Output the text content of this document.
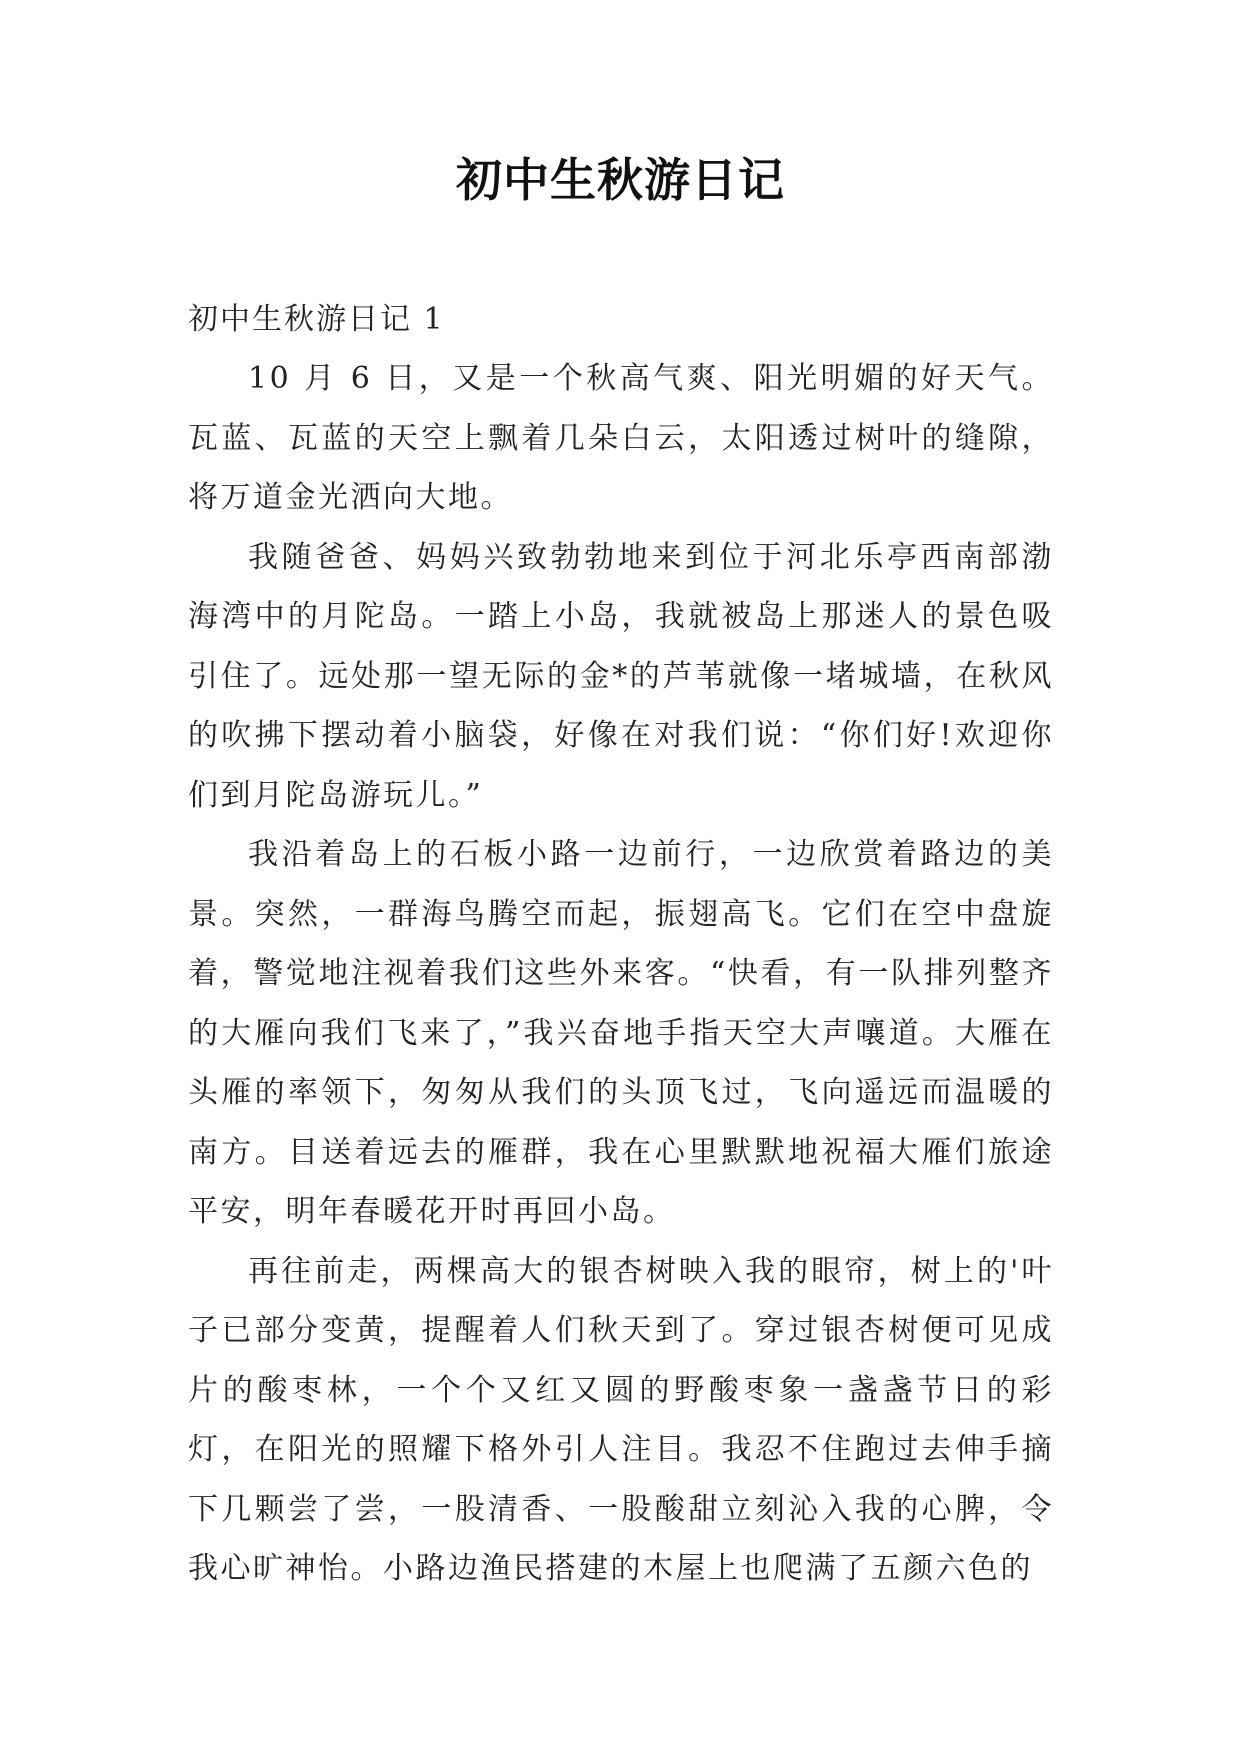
初中生秋游日记

初中生秋游日记 1

10 月 6 日，又是一个秋高气爽、阳光明媚的好天气。瓦蓝、瓦蓝的天空上飘着几朵白云，太阳透过树叶的缝隙，将万道金光洒向大地。

我随爸爸、妈妈兴致勃勃地来到位于河北乐亭西南部渤海湾中的月陀岛。一踏上小岛，我就被岛上那迷人的景色吸引住了。远处那一望无际的金*的芦苇就像一堵城墙，在秋风的吹拂下摆动着小脑袋，好像在对我们说：“你们好!欢迎你们到月陀岛游玩儿。”

我沿着岛上的石板小路一边前行，一边欣赏着路边的美景。突然，一群海鸟腾空而起，振翅高飞。它们在空中盘旋着，警觉地注视着我们这些外来客。“快看，有一队排列整齐的大雁向我们飞来了，”我兴奋地手指天空大声嚷道。大雁在头雁的率领下，匆匆从我们的头顶飞过，飞向遥远而温暖的南方。目送着远去的雁群，我在心里默默地祝福大雁们旅途平安，明年春暖花开时再回小岛。

再往前走，两棵高大的银杏树映入我的眼帘，树上的'叶子已部分变黄，提醒着人们秋天到了。穿过银杏树便可见成片的酸枣林，一个个又红又圆的野酸枣象一盏盏节日的彩灯，在阳光的照耀下格外引人注目。我忍不住跑过去伸手摘下几颗尝了尝，一股清香、一股酸甜立刻沁入我的心脾，令我心旷神怡。小路边渔民搭建的木屋上也爬满了五颜六色的
